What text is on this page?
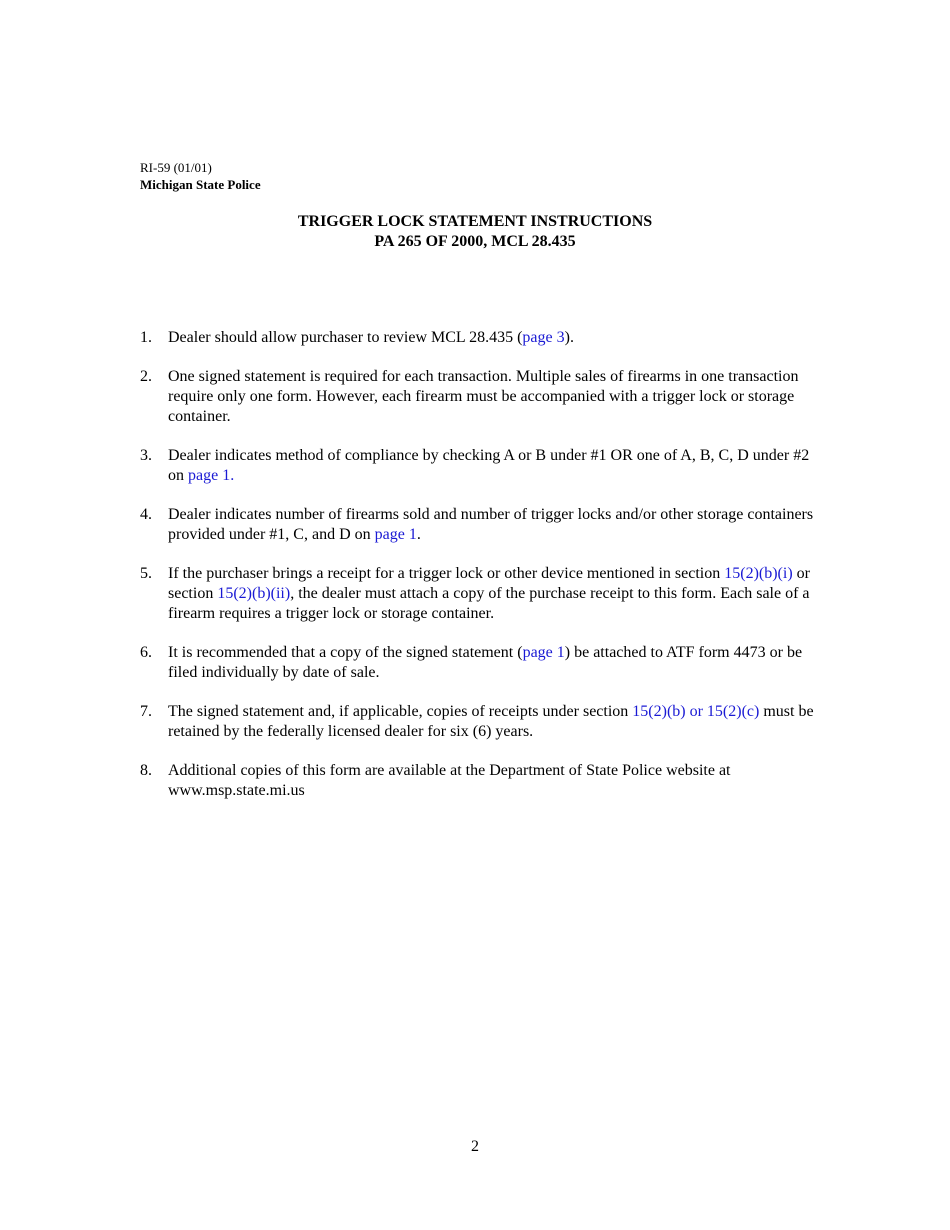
RI-59 (01/01)
Michigan State Police
TRIGGER LOCK STATEMENT INSTRUCTIONS
PA 265 OF 2000, MCL 28.435
1. Dealer should allow purchaser to review MCL 28.435 (page 3).
2. One signed statement is required for each transaction. Multiple sales of firearms in one transaction require only one form. However, each firearm must be accompanied with a trigger lock or storage container.
3. Dealer indicates method of compliance by checking A or B under #1 OR one of A, B, C, D under #2 on page 1.
4. Dealer indicates number of firearms sold and number of trigger locks and/or other storage containers provided under #1, C, and D on page 1.
5. If the purchaser brings a receipt for a trigger lock or other device mentioned in section 15(2)(b)(i) or section 15(2)(b)(ii), the dealer must attach a copy of the purchase receipt to this form. Each sale of a firearm requires a trigger lock or storage container.
6. It is recommended that a copy of the signed statement (page 1) be attached to ATF form 4473 or be filed individually by date of sale.
7. The signed statement and, if applicable, copies of receipts under section 15(2)(b) or 15(2)(c) must be retained by the federally licensed dealer for six (6) years.
8. Additional copies of this form are available at the Department of State Police website at www.msp.state.mi.us
2
